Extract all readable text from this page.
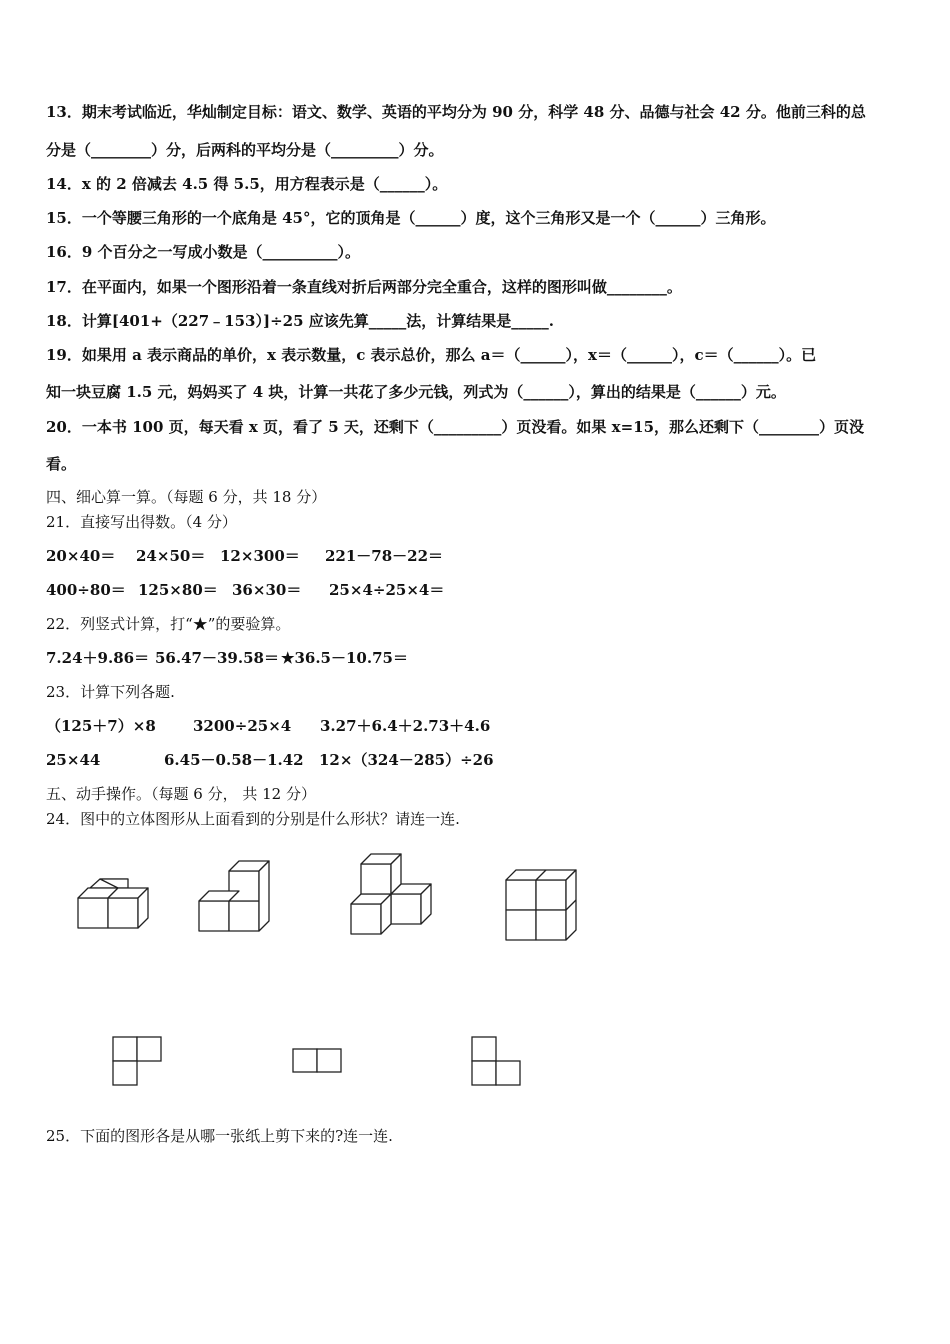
13．期末考试临近，华灿制定目标：语文、数学、英语的平均分为 90 分，科学 48 分、品德与社会 42 分。他前三科的总
分是（________）分，后两科的平均分是（_________）分。
14．x 的 2 倍减去 4.5 得 5.5，用方程表示是（______）。
15．一个等腰三角形的一个底角是 45°，它的顶角是（______）度，这个三角形又是一个（______）三角形。
16．9 个百分之一写成小数是（__________）。
17．在平面内，如果一个图形沿着一条直线对折后两部分完全重合，这样的图形叫做________。
18．计算[401+（227﹣153）]÷25 应该先算_____法，计算结果是_____.
19．如果用 a 表示商品的单价，x 表示数量，c 表示总价，那么 a＝（______），x＝（______），c＝（______）。已
知一块豆腐 1.5 元，妈妈买了 4 块，计算一共花了多少元钱，列式为（______），算出的结果是（______）元。
20．一本书 100 页，每天看 x 页，看了 5 天，还剩下（_________）页没看。如果 x=15，那么还剩下（________）页没
看。
四、细心算一算。（每题 6 分，共 18 分）
21．直接写出得数。（4 分）
20×40＝ 24×50＝ 12×300＝ 221－78－22＝
400÷80＝ 125×80＝ 36×30＝ 25×4÷25×4＝
22．列竖式计算，打“★”的要验算。
7.24＋9.86＝ 56.47－39.58＝ ★36.5－10.75＝
23．计算下列各题.
（125＋7）×8 3200÷25×4 3.27＋6.4＋2.73＋4.6
25×44	6.45－0.58－1.42 12×（324－285）÷26
五、动手操作。（每题 6 分， 共 12 分）
24．图中的立体图形从上面看到的分别是什么形状？请连一连.
25．下面的图形各是从哪一张纸上剪下来的?连一连.
